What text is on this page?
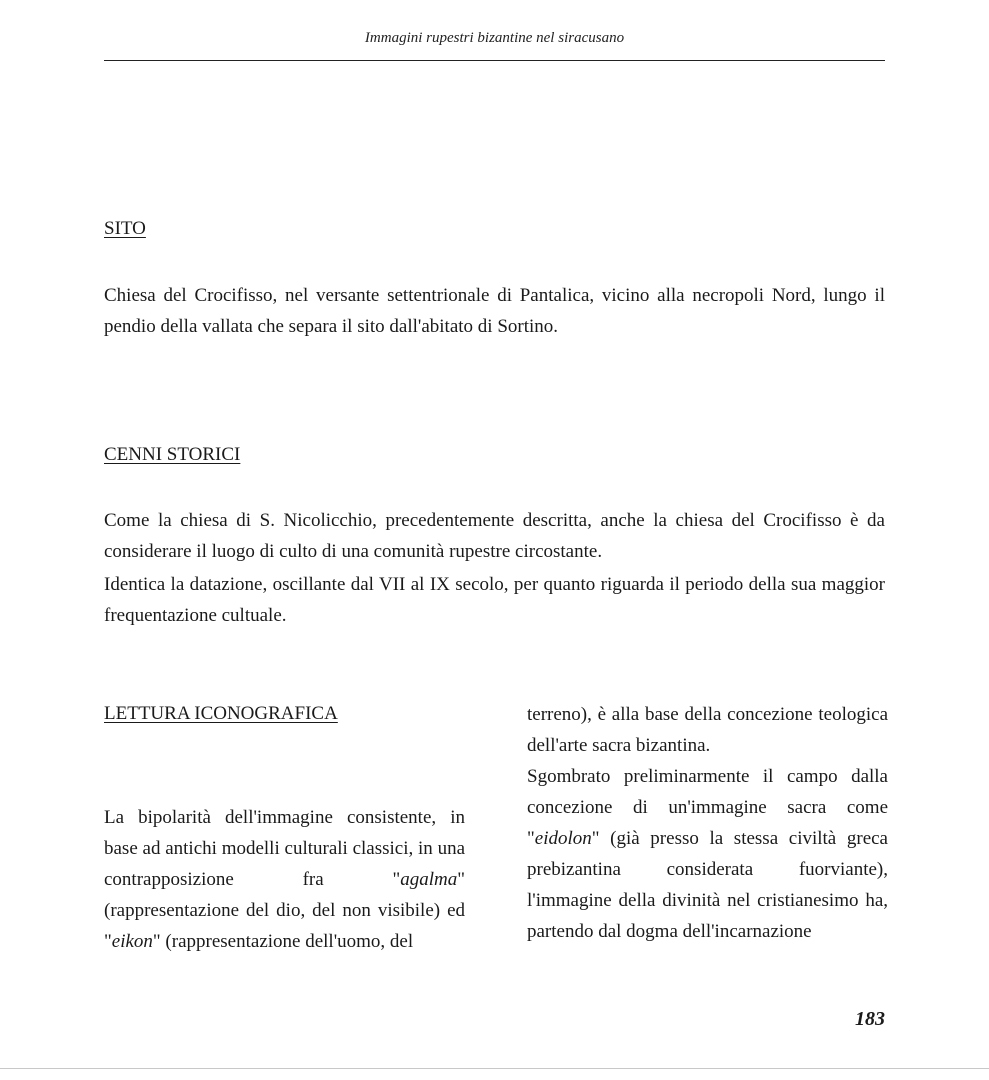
Immagini rupestri bizantine nel siracusano
SITO

Chiesa del Crocifisso, nel versante settentrionale di Pantalica, vicino alla necropoli Nord, lungo il pendio della vallata che separa il sito dall'abitato di Sortino.

CENNI STORICI

Come la chiesa di S. Nicolicchio, precedentemente descritta, anche la chiesa del Crocifisso è da considerare il luogo di culto di una comunità rupestre circostante.

Identica la datazione, oscillante dal VII al IX secolo, per quanto riguarda il periodo della sua maggior frequentazione cultuale.

LETTURA ICONOGRAFICA

La bipolarità dell'immagine consistente, in base ad antichi modelli culturali classici, in una contrapposizione fra "agalma" (rappresentazione del dio, del non visibile) ed "eikon" (rappresentazione dell'uomo, del

terreno), è alla base della concezione teologica dell'arte sacra bizantina.

Sgombrato preliminarmente il campo dalla concezione di un'immagine sacra come "eidolon" (già presso la stessa civiltà greca prebizantina considerata fuorviante), l'immagine della divinità nel cristianesimo ha, partendo dal dogma dell'incarnazione

183
